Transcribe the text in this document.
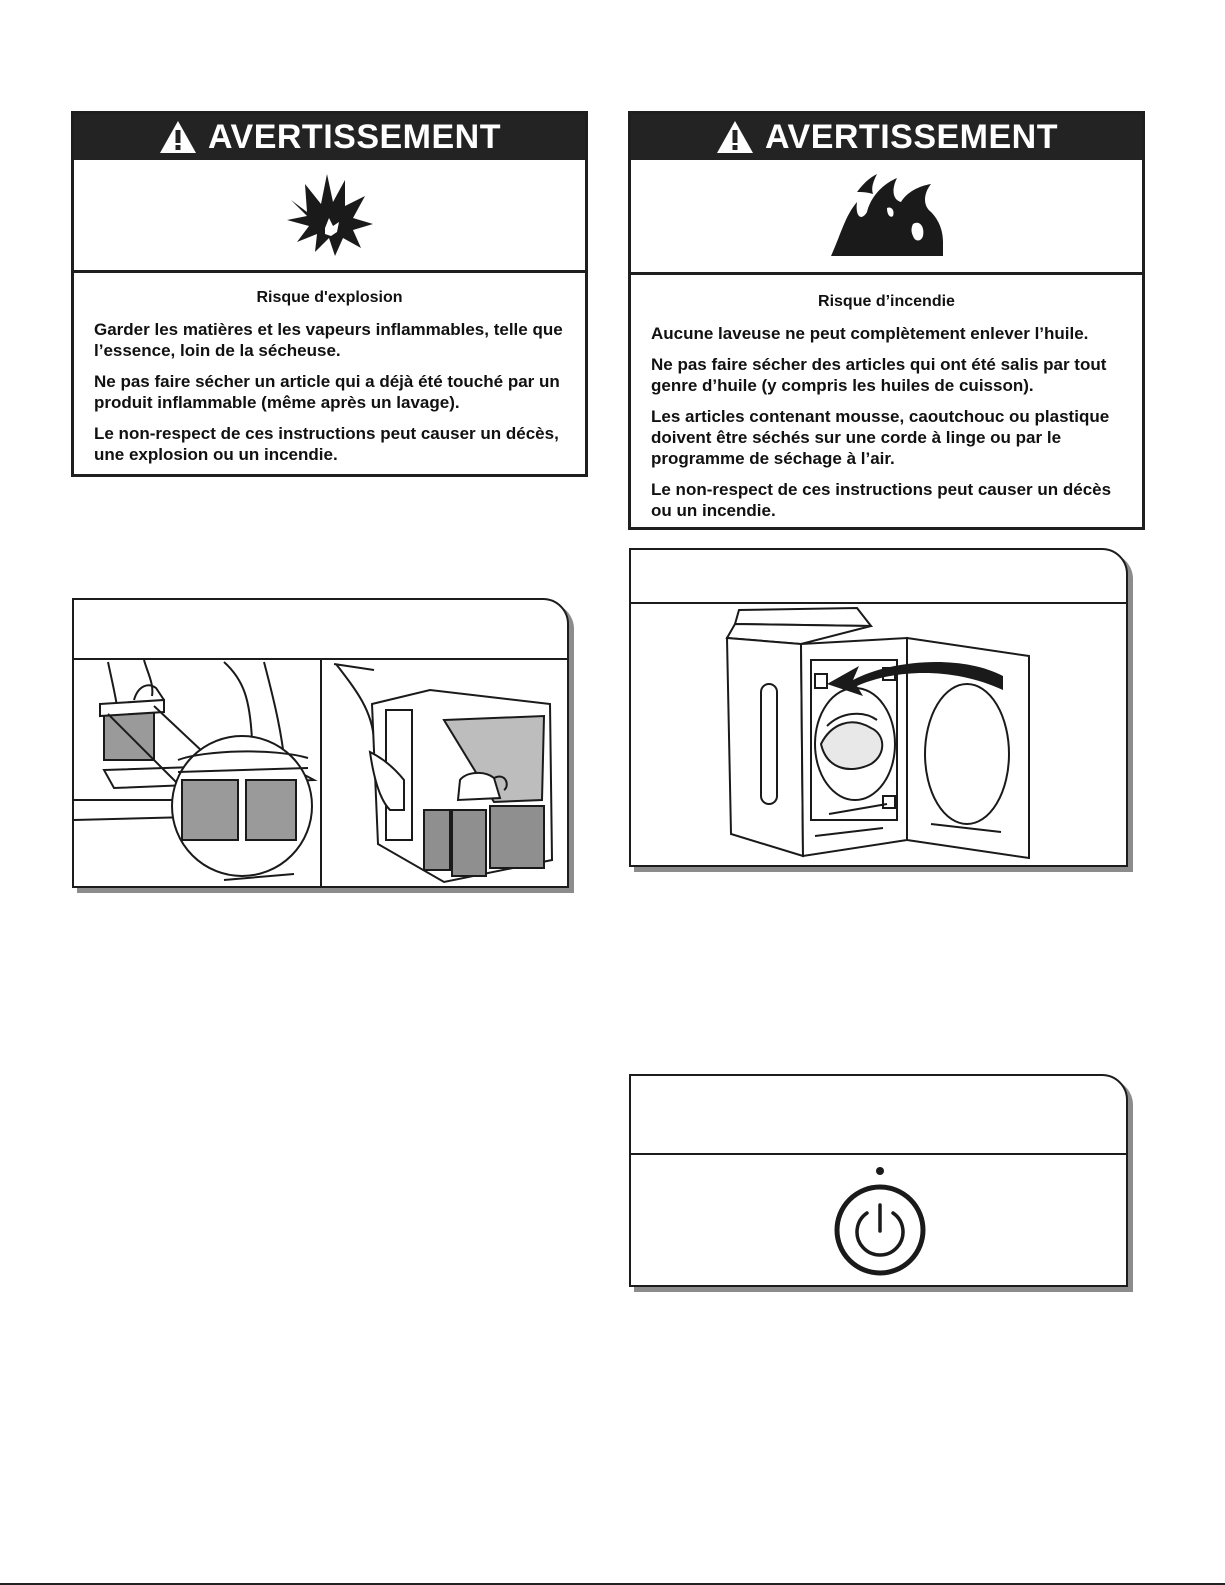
AVERTISSEMENT
Risque d'explosion

Garder les matières et les vapeurs inflammables, telle que l’essence, loin de la sécheuse.

Ne pas faire sécher un article qui a déjà été touché par un produit inflammable (même après un lavage).

Le non-respect de ces instructions peut causer un décès, une explosion ou un incendie.

AVERTISSEMENT
Risque d’incendie

Aucune laveuse ne peut complètement enlever l’huile.

Ne pas faire sécher des articles qui ont été salis par tout genre d’huile (y compris les huiles de cuisson).

Les articles contenant mousse, caoutchouc ou plastique doivent être séchés sur une corde à linge ou par le programme de séchage à l’air.

Le non-respect de ces instructions peut causer un décès ou un incendie.
